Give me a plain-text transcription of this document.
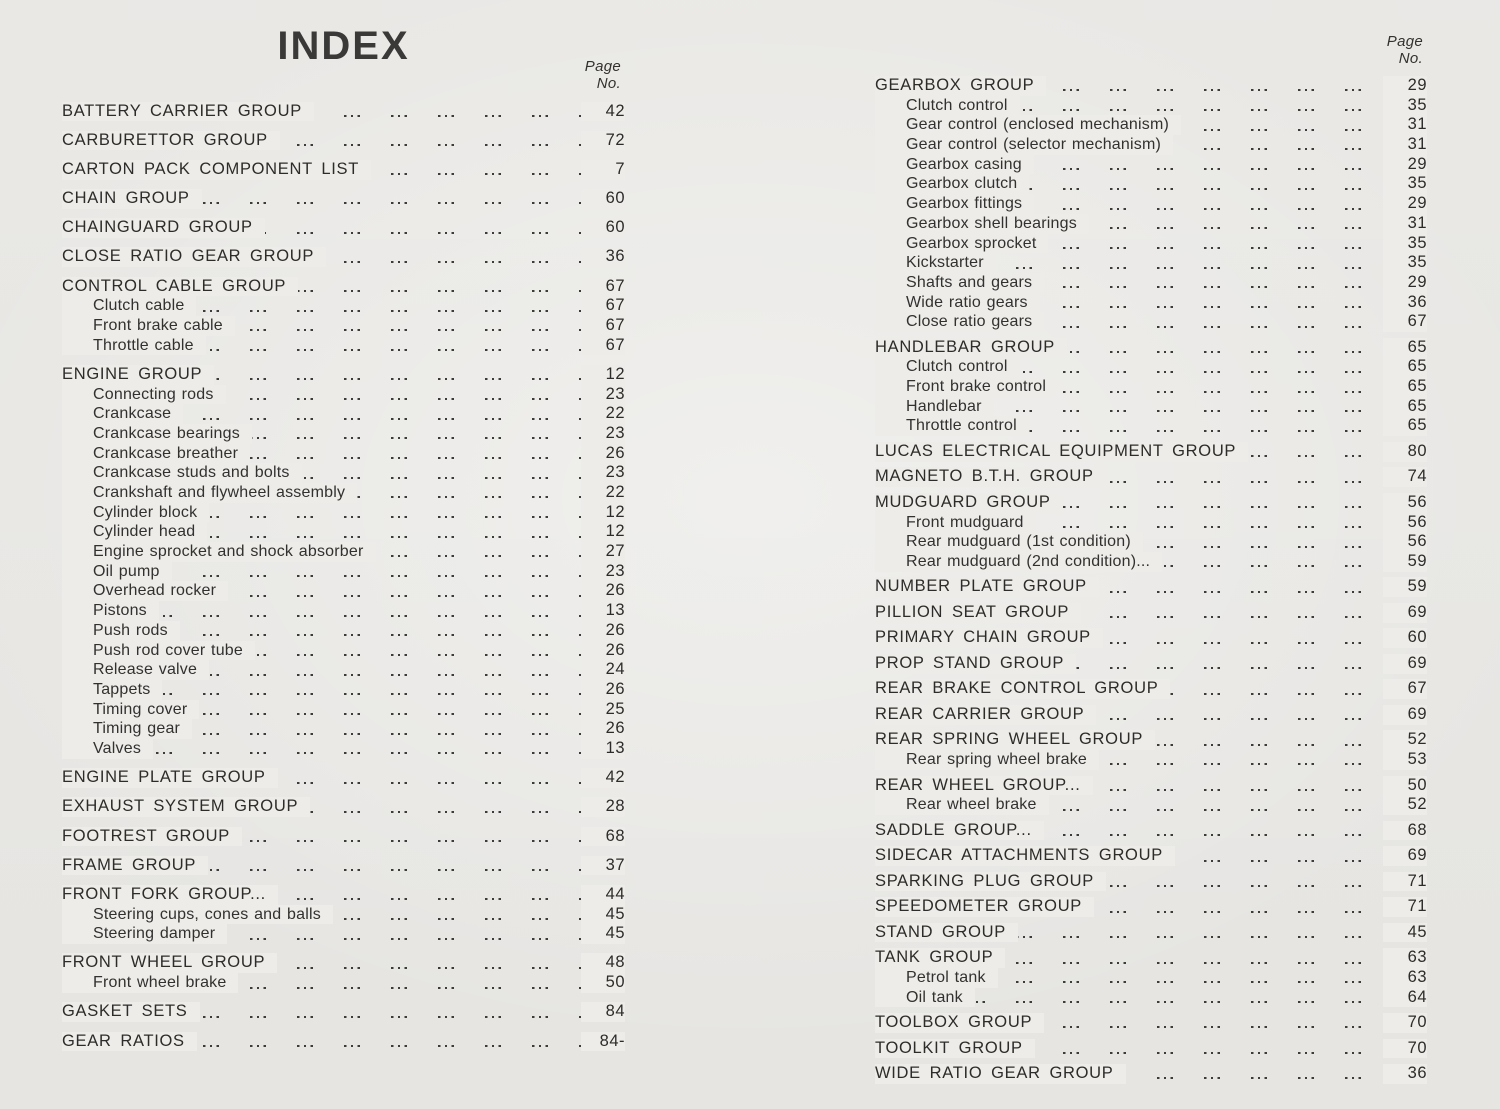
INDEX	Page
No.
BATTERY CARRIER GROUP	42
CARBURETTOR GROUP	72
CARTON PACK COMPONENT LIST	7
CHAIN GROUP	60
CHAINGUARD GROUP	60
CLOSE RATIO GEAR GROUP	36
CONTROL CABLE GROUP	67
Clutch cable	67
Front brake cable	67
Throttle cable	67
ENGINE GROUP	12
Connecting rods	23
Crankcase	22
Crankcase bearings	23
Crankcase breather	26
Crankcase studs and bolts	23
Crankshaft and flywheel assembly	22
Cylinder block	12
Cylinder head	12
Engine sprocket and shock absorber	27
Oil pump	23
Overhead rocker	26
Pistons	13
Push rods	26
Push rod cover tube	26
Release valve	24
Tappets	26
Timing cover	25
Timing gear	26
Valves	13
ENGINE PLATE GROUP	42
EXHAUST SYSTEM GROUP	28
FOOTREST GROUP	68
FRAME GROUP	37
FRONT FORK GROUP...	44
Steering cups, cones and balls	45
Steering damper	45
FRONT WHEEL GROUP	48
Front wheel brake	50
GASKET SETS	84
GEAR RATIOS	84-
Page
No.
GEARBOX GROUP	29
Clutch control	35
Gear control (enclosed mechanism)	31
Gear control (selector mechanism)	31
Gearbox casing	29
Gearbox clutch	35
Gearbox fittings	29
Gearbox shell bearings	31
Gearbox sprocket	35
Kickstarter	35
Shafts and gears	29
Wide ratio gears	36
Close ratio gears	67
HANDLEBAR GROUP	65
Clutch control	65
Front brake control	65
Handlebar	65
Throttle control	65
LUCAS ELECTRICAL EQUIPMENT GROUP	80
MAGNETO B.T.H. GROUP	74
MUDGUARD GROUP	56
Front mudguard	56
Rear mudguard (1st condition)	56
Rear mudguard (2nd condition)...	59
NUMBER PLATE GROUP	59
PILLION SEAT GROUP	69
PRIMARY CHAIN GROUP	60
PROP STAND GROUP	69
REAR BRAKE CONTROL GROUP	67
REAR CARRIER GROUP	69
REAR SPRING WHEEL GROUP	52
Rear spring wheel brake	53
REAR WHEEL GROUP...	50
Rear wheel brake	52
SADDLE GROUP...	68
SIDECAR ATTACHMENTS GROUP	69
SPARKING PLUG GROUP	71
SPEEDOMETER GROUP	71
STAND GROUP	45
TANK GROUP	63
Petrol tank	63
Oil tank	64
TOOLBOX GROUP	70
TOOLKIT GROUP	70
WIDE RATIO GEAR GROUP	36
